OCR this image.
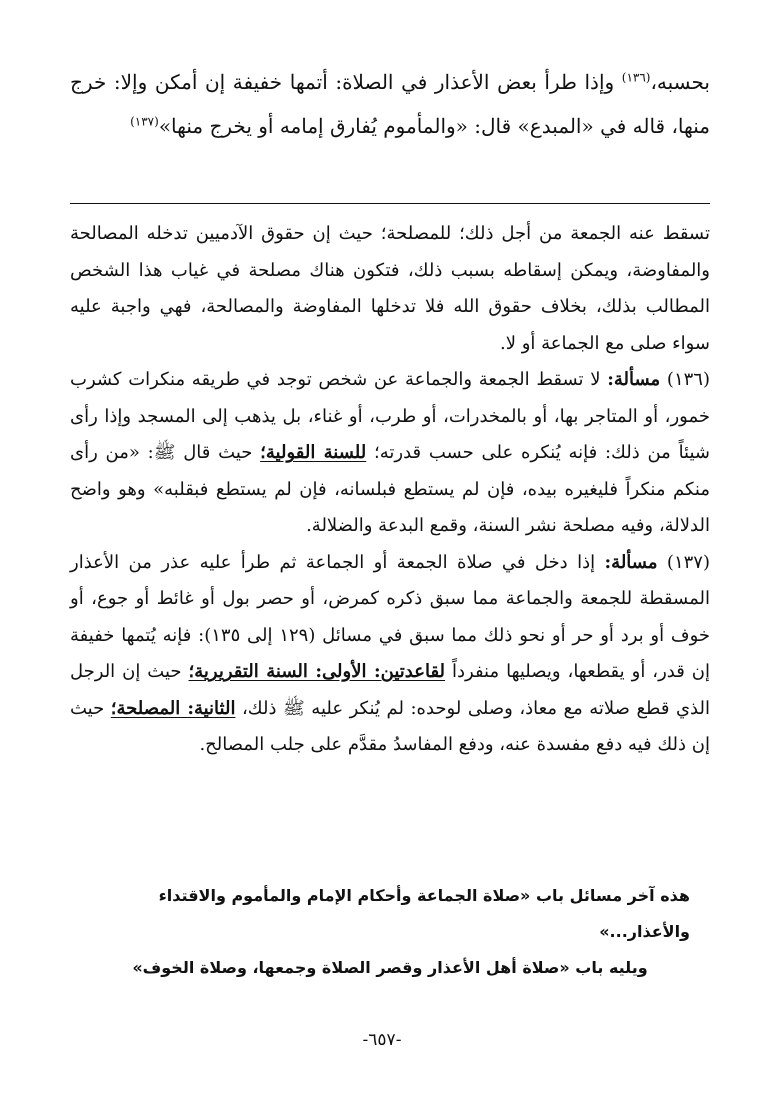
بحسبه،$^{(١٣٦)}$ وإذا طرأ بعض الأعذار في الصلاة: أتمها خفيفة إن أمكن وإلا: خرج منها، قاله في «المبدع» قال: «والمأموم يُفارق إمامه أو يخرج منها»$^{(١٣٧)}$

تسقط عنه الجمعة من أجل ذلك؛ للمصلحة؛ حيث إن حقوق الآدميين تدخله المصالحة والمفاوضة، ويمكن إسقاطه بسبب ذلك، فتكون هناك مصلحة في غياب هذا الشخص المطالب بذلك، بخلاف حقوق الله فلا تدخلها المفاوضة والمصالحة، فهي واجبة عليه سواء صلى مع الجماعة أو لا.

(١٣٦) مسألة: لا تسقط الجمعة والجماعة عن شخص توجد في طريقه منكرات كشرب خمور، أو المتاجر بها، أو بالمخدرات، أو طرب، أو غناء، بل يذهب إلى المسجد وإذا رأى شيئاً من ذلك: فإنه يُنكره على حسب قدرته؛ للسنة القولية؛ حيث قال ﷺ: «من رأى منكم منكراً فليغيره بيده، فإن لم يستطع فبلسانه، فإن لم يستطع فبقلبه» وهو واضح الدلالة، وفيه مصلحة نشر السنة، وقمع البدعة والضلالة.

(١٣٧) مسألة: إذا دخل في صلاة الجمعة أو الجماعة ثم طرأ عليه عذر من الأعذار المسقطة للجمعة والجماعة مما سبق ذكره كمرض، أو حصر بول أو غائط أو جوع، أو خوف أو برد أو حر أو نحو ذلك مما سبق في مسائل (١٢٩ إلى ١٣٥): فإنه يُتمها خفيفة إن قدر، أو يقطعها، ويصليها منفرداً لقاعدتين: الأولى: السنة التقريرية؛ حيث إن الرجل الذي قطع صلاته مع معاذ، وصلى لوحده: لم يُنكر عليه ﷺ ذلك، الثانية: المصلحة؛ حيث إن ذلك فيه دفع مفسدة عنه، ودفع المفاسدُ مقدَّم على جلب المصالح.

هذه آخر مسائل باب «صلاة الجماعة وأحكام الإمام والمأموم والاقتداء والأعذار...»

ويليه باب «صلاة أهل الأعذار وقصر الصلاة وجمعها، وصلاة الخوف»

-٦٥٧-
